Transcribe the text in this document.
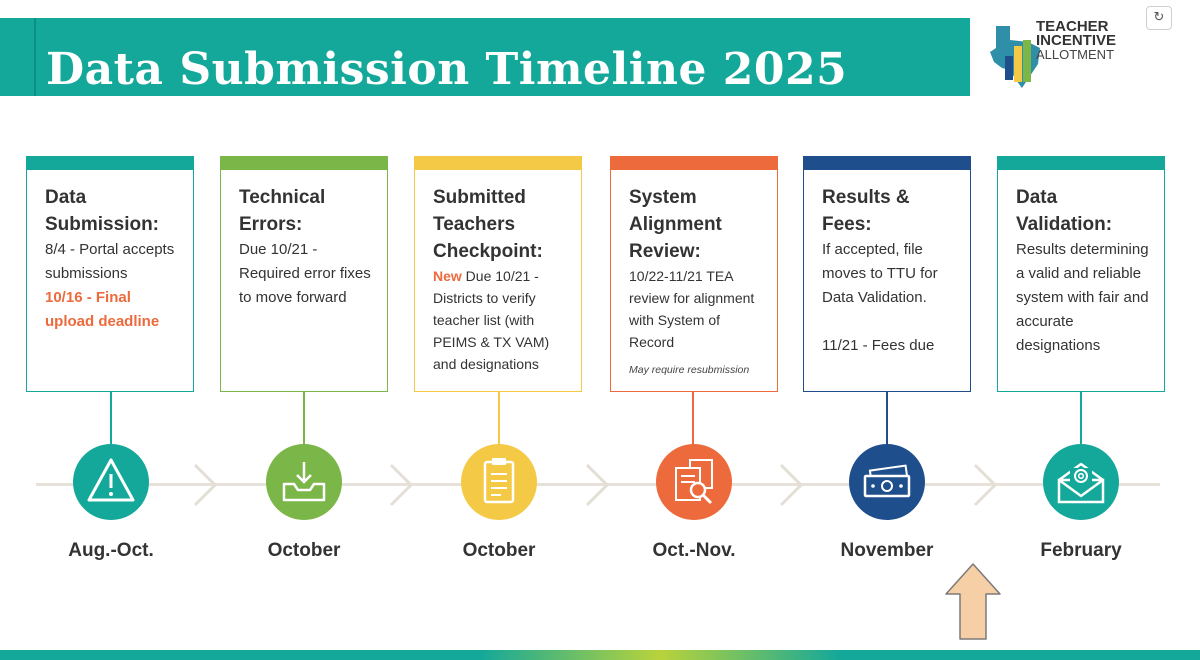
Data Submission Timeline 2025
TEACHER
INCENTIVE
ALLOTMENT
↻
Data Submission:

8/4 - Portal accepts submissions

10/16 - Final upload deadline

Technical Errors:

Due 10/21 - Required error fixes to move forward

Submitted Teachers Checkpoint:

New Due 10/21 - Districts to verify teacher list (with PEIMS & TX VAM) and designations

System Alignment Review:

10/22-11/21 TEA review for alignment with System of Record

May require resubmission

Results & Fees:

If accepted, file moves to TTU for Data Validation.

11/21 - Fees due

Data Validation:

Results determining a valid and reliable system with fair and accurate designations

Aug.-Oct.	October	October	Oct.-Nov.	November	February
